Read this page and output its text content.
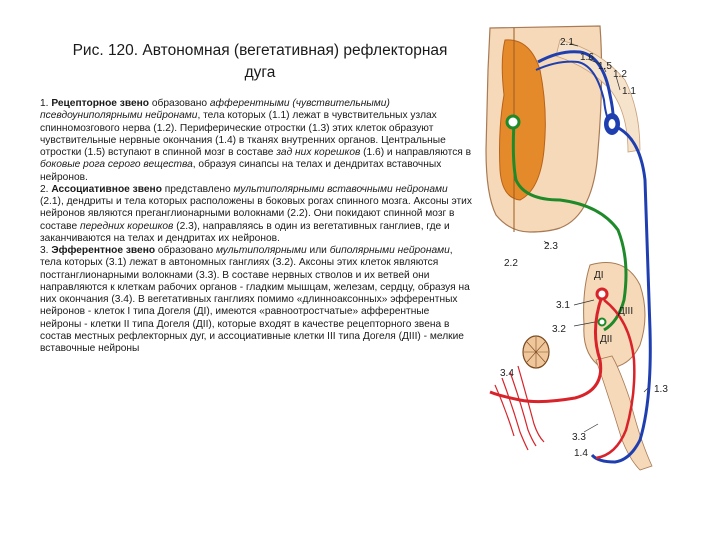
Рис. 120. Автономная (вегетативная) рефлекторная
дуга

1. Рецепторное звено образовано афферентными (чувствительными) псевдоуниполярными нейронами, тела которых (1.1) лежат в чувствительных узлах спинномозгового нерва (1.2). Периферические отростки (1.3) этих клеток образуют чувствительные нервные окончания (1.4) в тканях внутренних органов. Центральные отростки (1.5) вступают в спинной мозг в составе зад них корешков (1.6) и направляются в боковые рога серого вещества, образуя синапсы на телах и дендритах вставочных нейронов.

2. Ассоциативное звено представлено мультиполярными вставочными нейронами (2.1), дендриты и тела которых расположены в боковых рогах спинного мозга. Аксоны этих нейронов являются преганглионарными волокнами (2.2). Они покидают спинной мозг в составе передних корешков (2.3), направляясь в один из вегетативных ганглиев, где и заканчиваются на телах и дендритах их нейронов.

3. Эфферентное звено образовано мультиполярными или биполярными нейронами, тела которых (3.1) лежат в автономных ганглиях (3.2). Аксоны этих клеток являются постганглионарными волокнами (3.3). В составе нервных стволов и их ветвей они направляются к клеткам рабочих органов - гладким мышцам, железам, сердцу, образуя на них окончания (3.4). В вегетативных ганглиях помимо «длинноаксонных» эфферентных нейронов - клеток I типа Догеля (ДI), имеются «равноотростчатые» афферентные нейроны - клетки II типа Догеля (ДII), которые входят в качестве рецепторного звена в состав местных рефлекторных дуг, и ассоциативные клетки III типа Догеля (ДIII) - мелкие вставочные нейроны

2.1
1.6
1.5
1.2
1.1
2.3
2.2
ДI
3.1
ДIII
3.2
ДII
3.4
1.3
3.3
1.4
